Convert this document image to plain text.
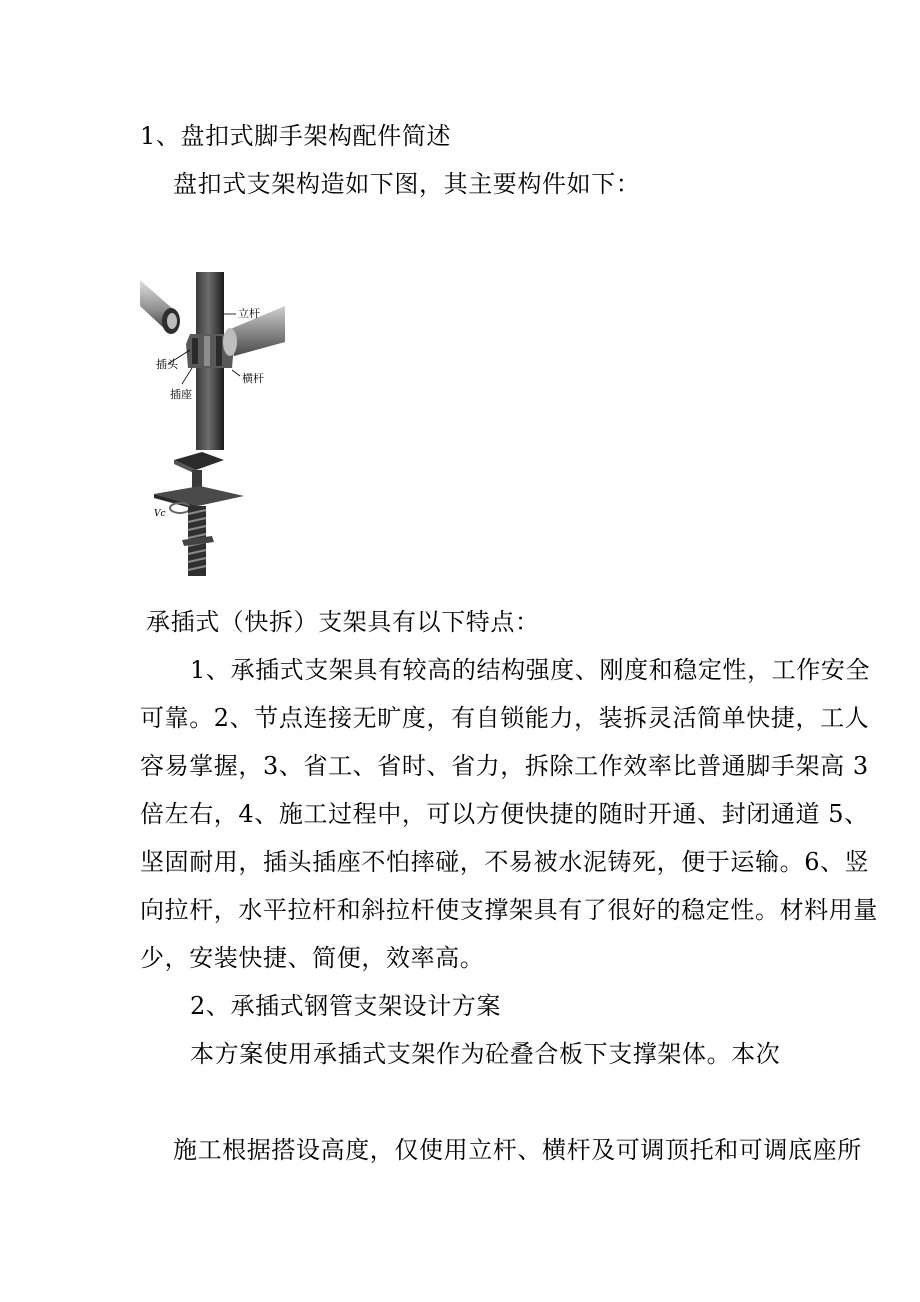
1、盘扣式脚手架构配件简述

盘扣式支架构造如下图，其主要构件如下：

立杆
插头
横杆
插座
Vc

承插式（快拆）支架具有以下特点：

1、承插式支架具有较高的结构强度、刚度和稳定性，工作安全

可靠。2、节点连接无旷度，有自锁能力，装拆灵活简单快捷，工人

容易掌握，3、省工、省时、省力，拆除工作效率比普通脚手架高 3

倍左右，4、施工过程中，可以方便快捷的随时开通、封闭通道 5、

坚固耐用，插头插座不怕摔碰，不易被水泥铸死，便于运输。6、竖

向拉杆，水平拉杆和斜拉杆使支撑架具有了很好的稳定性。材料用量

少，安装快捷、简便，效率高。

2、承插式钢管支架设计方案

本方案使用承插式支架作为砼叠合板下支撑架体。本次

施工根据搭设高度，仅使用立杆、横杆及可调顶托和可调底座所
